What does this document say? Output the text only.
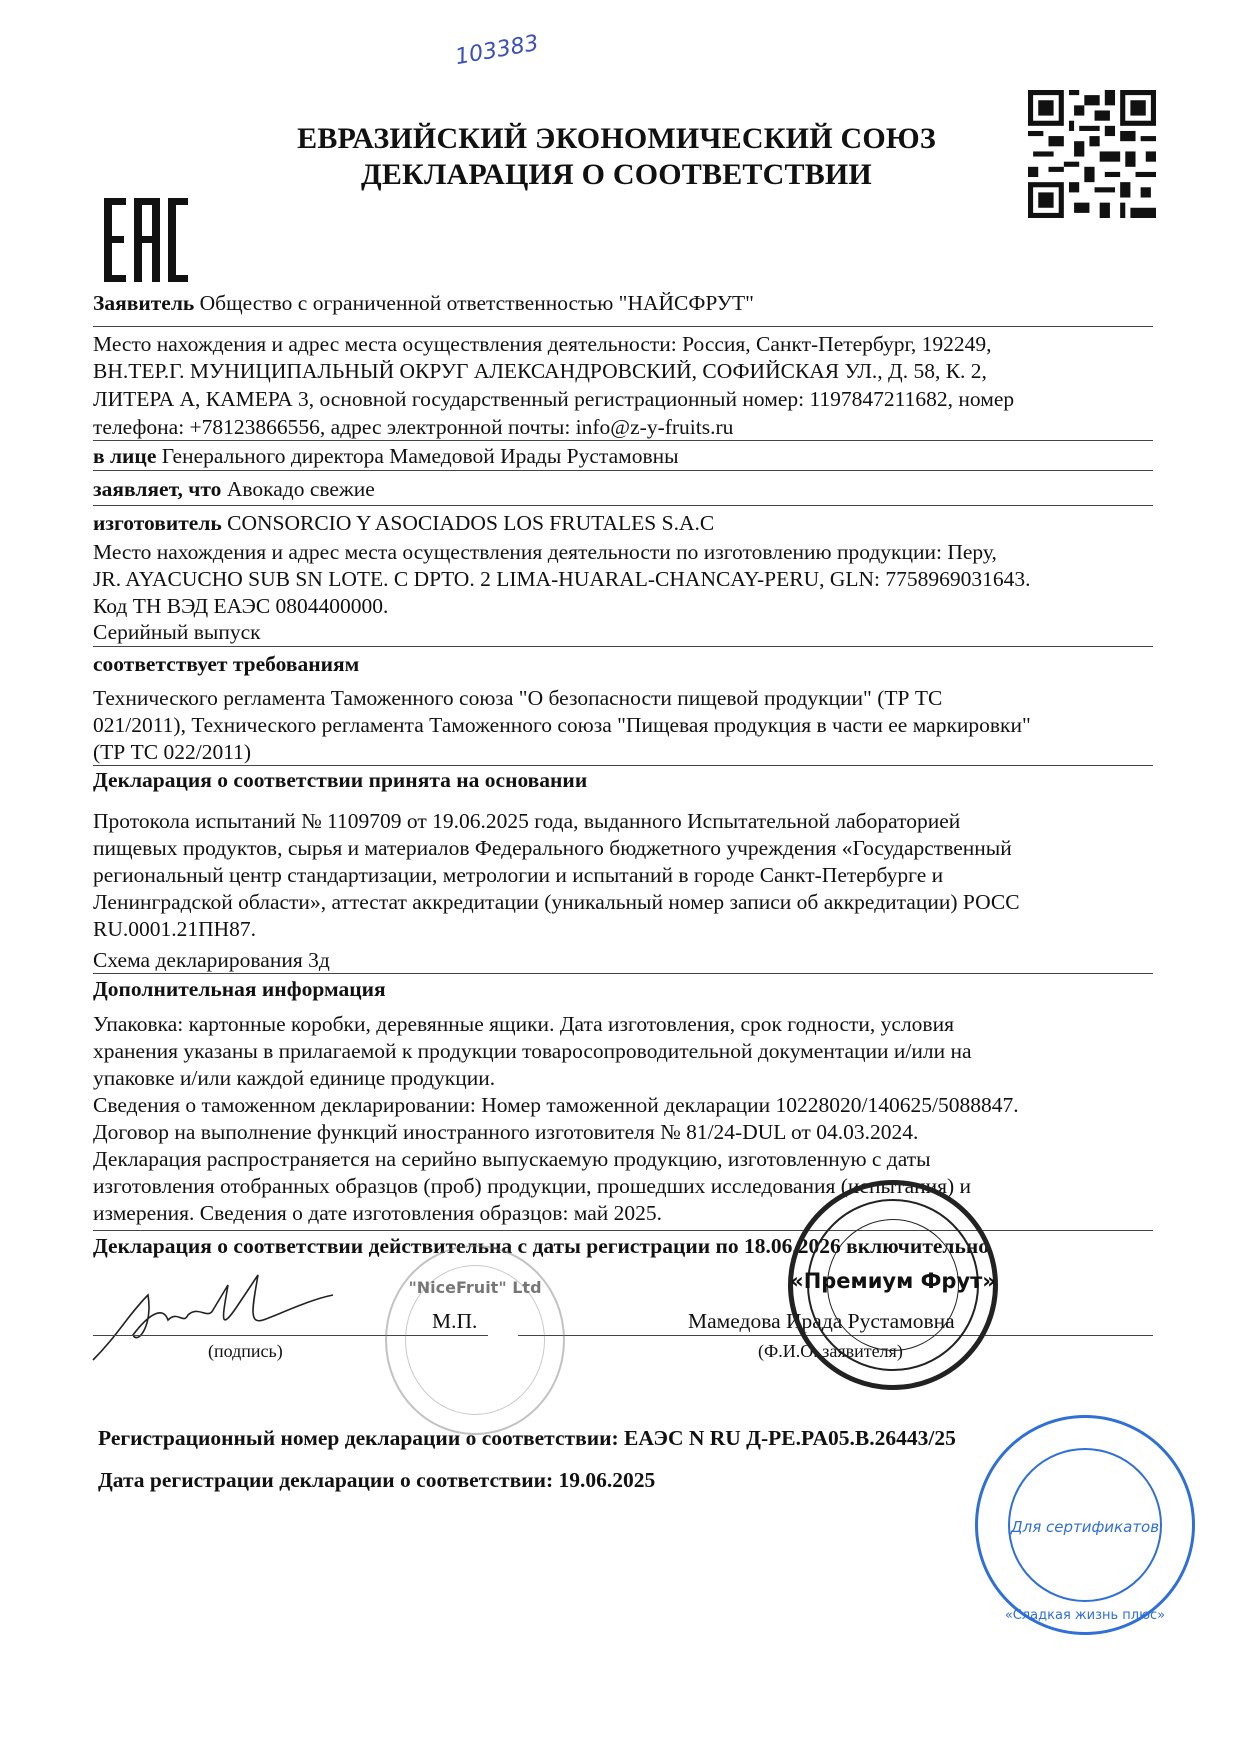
103383
ЕВРАЗИЙСКИЙ ЭКОНОМИЧЕСКИЙ СОЮЗ
ДЕКЛАРАЦИЯ О СООТВЕТСТВИИ
Заявитель Общество с ограниченной ответственностью "НАЙСФРУТ"
Место нахождения и адрес места осуществления деятельности: Россия, Санкт-Петербург, 192249,
ВН.ТЕР.Г. МУНИЦИПАЛЬНЫЙ ОКРУГ АЛЕКСАНДРОВСКИЙ, СОФИЙСКАЯ УЛ., Д. 58, К. 2,
ЛИТЕРА А, КАМЕРА 3, основной государственный регистрационный номер: 1197847211682, номер
телефона: +78123866556, адрес электронной почты: info@z-y-fruits.ru
в лице Генерального директора Мамедовой Ирады Рустамовны
заявляет, что Авокадо свежие
изготовитель CONSORCIO Y ASOCIADOS LOS FRUTALES S.A.C
Место нахождения и адрес места осуществления деятельности по изготовлению продукции: Перу,
JR. AYACUCHO SUB SN LOTE. C DPTO. 2 LIMA-HUARAL-CHANCAY-PERU, GLN: 7758969031643.
Код ТН ВЭД ЕАЭС 0804400000.
Серийный выпуск
соответствует требованиям
Технического регламента Таможенного союза "О безопасности пищевой продукции" (ТР ТС
021/2011), Технического регламента Таможенного союза "Пищевая продукция в части ее маркировки"
(ТР ТС 022/2011)
Декларация о соответствии принята на основании
Протокола испытаний № 1109709 от 19.06.2025 года, выданного Испытательной лабораторией
пищевых продуктов, сырья и материалов Федерального бюджетного учреждения «Государственный
региональный центр стандартизации, метрологии и испытаний в городе Санкт-Петербурге и
Ленинградской области», аттестат аккредитации (уникальный номер записи об аккредитации) РОСС
RU.0001.21ПН87.
Схема декларирования 3д
Дополнительная информация
Упаковка: картонные коробки, деревянные ящики. Дата изготовления, срок годности, условия
хранения указаны в прилагаемой к продукции товаросопроводительной документации и/или на
упаковке и/или каждой единице продукции.
Сведения о таможенном декларировании: Номер таможенной декларации 10228020/140625/5088847.
Договор на выполнение функций иностранного изготовителя № 81/24-DUL от 04.03.2024.
Декларация распространяется на серийно выпускаемую продукцию, изготовленную с даты
изготовления отобранных образцов (проб) продукции, прошедших исследования (испытания) и
измерения. Сведения о дате изготовления образцов: май 2025.
Декларация о соответствии действительна с даты регистрации по 18.06.2026 включительно
М.П.	Мамедова Ирада Рустамовна
(подпись)	(Ф.И.О. заявителя)
Регистрационный номер декларации о соответствии: ЕАЭС N RU Д-PE.PA05.B.26443/25
Дата регистрации декларации о соответствии: 19.06.2025
"NiceFruit" Ltd	«Премиум Фрут»
Для сертификатов
«Сладкая жизнь плюс»
